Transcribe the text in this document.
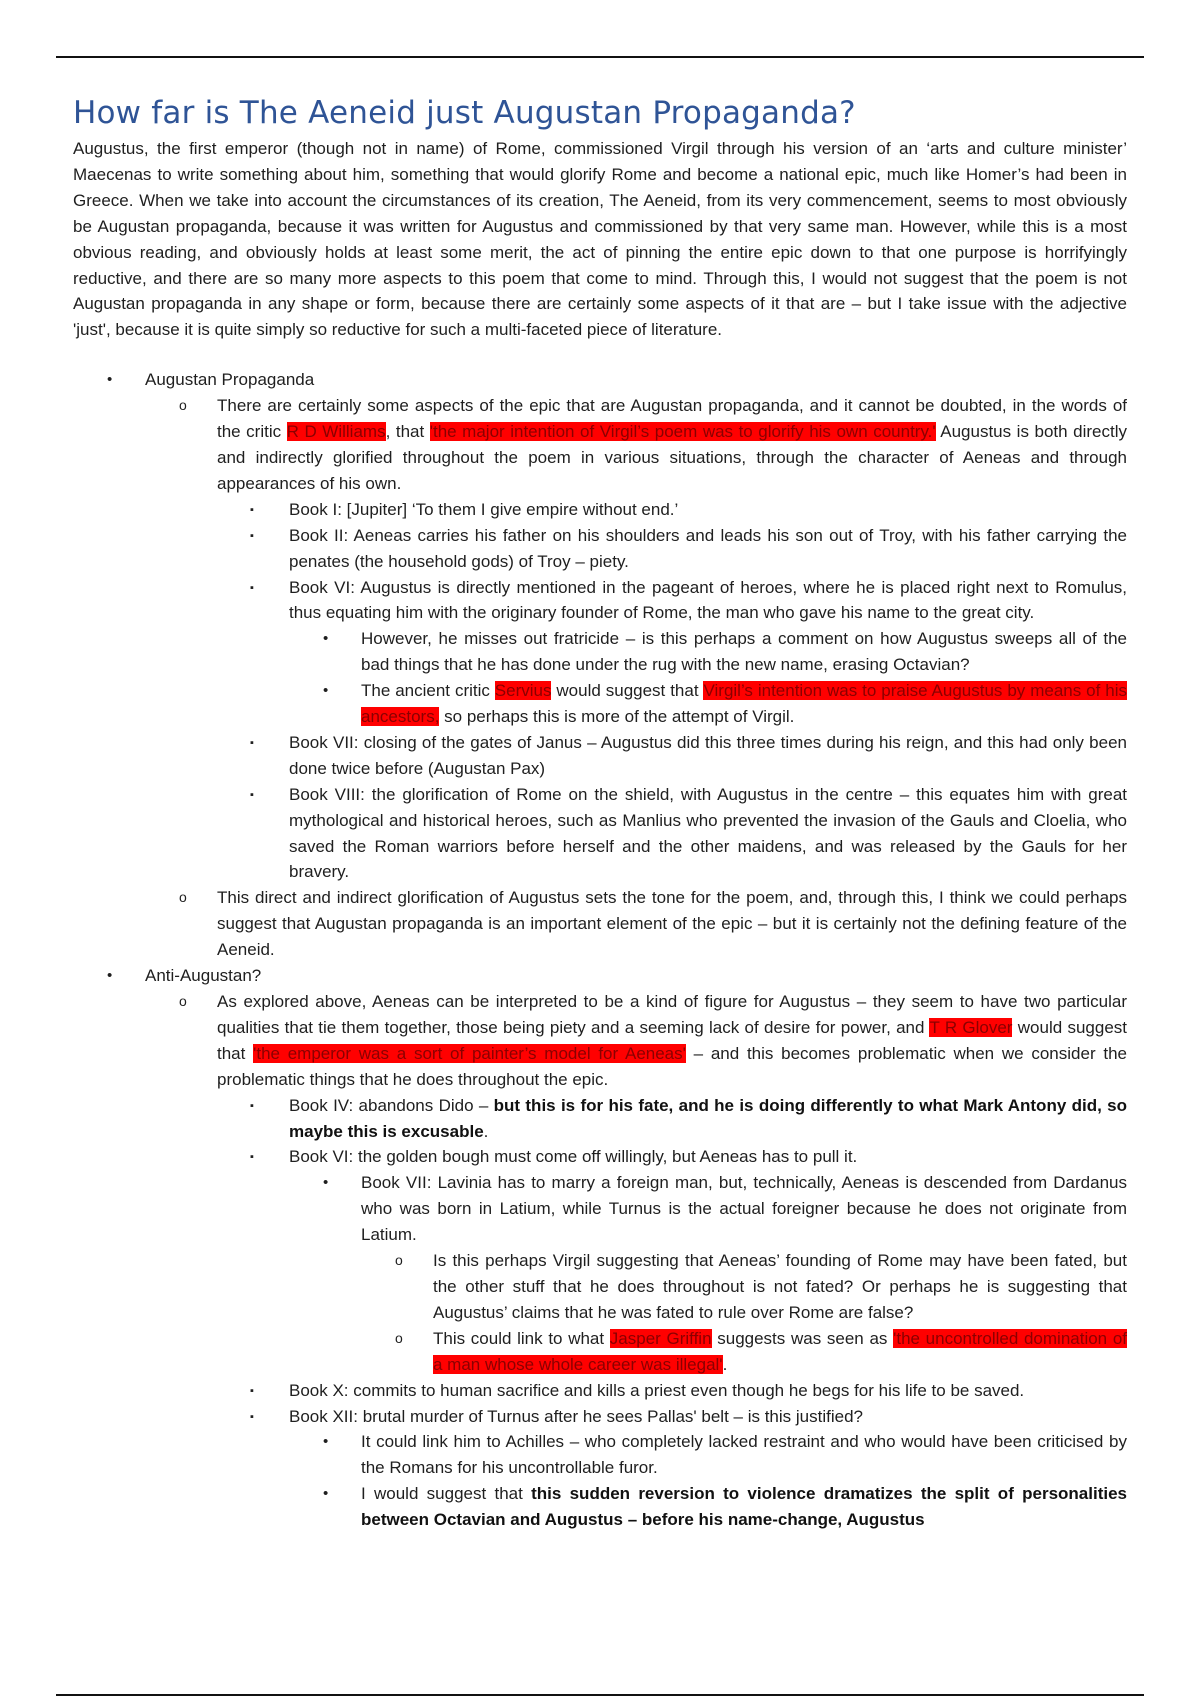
How far is The Aeneid just Augustan Propaganda?

Augustus, the first emperor (though not in name) of Rome, commissioned Virgil through his version of an ‘arts and culture minister’ Maecenas to write something about him, something that would glorify Rome and become a national epic, much like Homer’s had been in Greece. When we take into account the circumstances of its creation, The Aeneid, from its very commencement, seems to most obviously be Augustan propaganda, because it was written for Augustus and commissioned by that very same man. However, while this is a most obvious reading, and obviously holds at least some merit, the act of pinning the entire epic down to that one purpose is horrifyingly reductive, and there are so many more aspects to this poem that come to mind. Through this, I would not suggest that the poem is not Augustan propaganda in any shape or form, because there are certainly some aspects of it that are – but I take issue with the adjective 'just', because it is quite simply so reductive for such a multi-faceted piece of literature.

• Augustan Propaganda
o There are certainly some aspects of the epic that are Augustan propaganda, and it cannot be doubted, in the words of the critic R D Williams, that 'the major intention of Virgil’s poem was to glorify his own country.' Augustus is both directly and indirectly glorified throughout the poem in various situations, through the character of Aeneas and through appearances of his own.
▪ Book I: [Jupiter] ‘To them I give empire without end.’
▪ Book II: Aeneas carries his father on his shoulders and leads his son out of Troy, with his father carrying the penates (the household gods) of Troy – piety.
▪ Book VI: Augustus is directly mentioned in the pageant of heroes, where he is placed right next to Romulus, thus equating him with the originary founder of Rome, the man who gave his name to the great city.
• However, he misses out fratricide – is this perhaps a comment on how Augustus sweeps all of the bad things that he has done under the rug with the new name, erasing Octavian?
• The ancient critic Servius would suggest that Virgil’s intention was to praise Augustus by means of his ancestors, so perhaps this is more of the attempt of Virgil.
▪ Book VII: closing of the gates of Janus – Augustus did this three times during his reign, and this had only been done twice before (Augustan Pax)
▪ Book VIII: the glorification of Rome on the shield, with Augustus in the centre – this equates him with great mythological and historical heroes, such as Manlius who prevented the invasion of the Gauls and Cloelia, who saved the Roman warriors before herself and the other maidens, and was released by the Gauls for her bravery.
o This direct and indirect glorification of Augustus sets the tone for the poem, and, through this, I think we could perhaps suggest that Augustan propaganda is an important element of the epic – but it is certainly not the defining feature of the Aeneid.
• Anti-Augustan?
o As explored above, Aeneas can be interpreted to be a kind of figure for Augustus – they seem to have two particular qualities that tie them together, those being piety and a seeming lack of desire for power, and T R Glover would suggest that 'the emperor was a sort of painter’s model for Aeneas' – and this becomes problematic when we consider the problematic things that he does throughout the epic.
▪ Book IV: abandons Dido – but this is for his fate, and he is doing differently to what Mark Antony did, so maybe this is excusable.
▪ Book VI: the golden bough must come off willingly, but Aeneas has to pull it.
• Book VII: Lavinia has to marry a foreign man, but, technically, Aeneas is descended from Dardanus who was born in Latium, while Turnus is the actual foreigner because he does not originate from Latium.
o Is this perhaps Virgil suggesting that Aeneas’ founding of Rome may have been fated, but the other stuff that he does throughout is not fated? Or perhaps he is suggesting that Augustus’ claims that he was fated to rule over Rome are false?
o This could link to what Jasper Griffin suggests was seen as 'the uncontrolled domination of a man whose whole career was illegal'.
▪ Book X: commits to human sacrifice and kills a priest even though he begs for his life to be saved.
▪ Book XII: brutal murder of Turnus after he sees Pallas' belt – is this justified?
• It could link him to Achilles – who completely lacked restraint and who would have been criticised by the Romans for his uncontrollable furor.
• I would suggest that this sudden reversion to violence dramatizes the split of personalities between Octavian and Augustus – before his name-change, Augustus
